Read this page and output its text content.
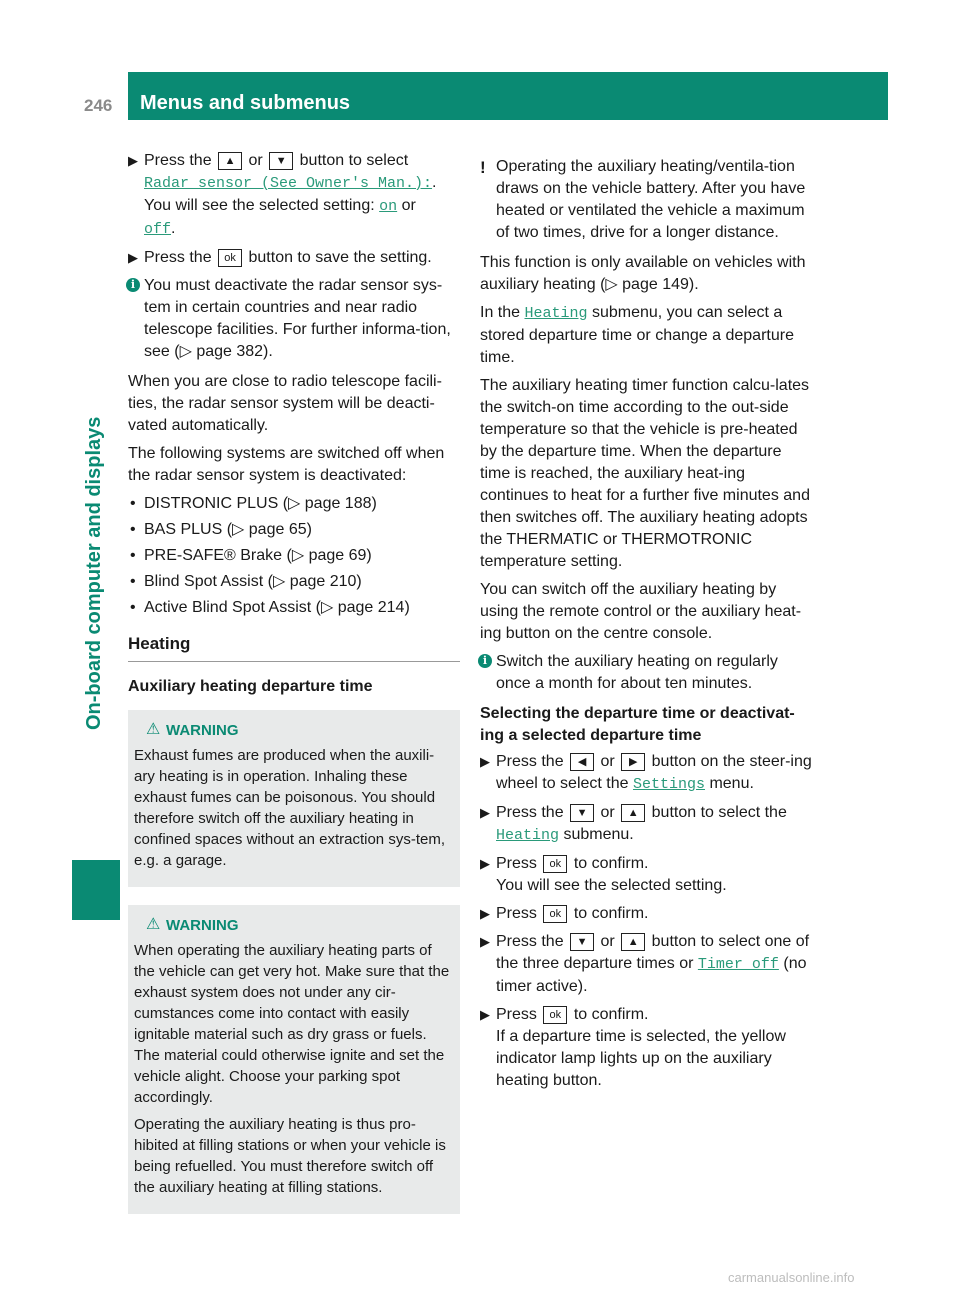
246 Menus and submenus
On-board computer and displays
▶ Press the ▲ or ▼ button to select
Radar sensor (See Owner's Man.):.
You will see the selected setting: on or
off.
▶ Press the ok button to save the setting.
i You must deactivate the radar sensor sys-tem in certain countries and near radio telescope facilities. For further informa-tion, see (▷ page 382).

When you are close to radio telescope facili-ties, the radar sensor system will be deacti-vated automatically.

The following systems are switched off when the radar sensor system is deactivated:

• DISTRONIC PLUS (▷ page 188)
• BAS PLUS (▷ page 65)
• PRE-SAFE® Brake (▷ page 69)
• Blind Spot Assist (▷ page 210)
• Active Blind Spot Assist (▷ page 214)
Heating
Auxiliary heating departure time
⚠ WARNING

Exhaust fumes are produced when the auxili-ary heating is in operation. Inhaling these exhaust fumes can be poisonous. You should therefore switch off the auxiliary heating in confined spaces without an extraction sys-tem, e.g. a garage.

⚠ WARNING

When operating the auxiliary heating parts of the vehicle can get very hot. Make sure that the exhaust system does not under any cir-cumstances come into contact with easily ignitable material such as dry grass or fuels. The material could otherwise ignite and set the vehicle alight. Choose your parking spot accordingly.

Operating the auxiliary heating is thus pro-hibited at filling stations or when your vehicle is being refuelled. You must therefore switch off the auxiliary heating at filling stations.

! Operating the auxiliary heating/ventila-tion draws on the vehicle battery. After you have heated or ventilated the vehicle a maximum of two times, drive for a longer distance.

This function is only available on vehicles with auxiliary heating (▷ page 149).

In the Heating submenu, you can select a stored departure time or change a departure time.

The auxiliary heating timer function calcu-lates the switch-on time according to the out-side temperature so that the vehicle is pre-heated by the departure time. When the departure time is reached, the auxiliary heat-ing continues to heat for a further five minutes and then switches off. The auxiliary heating adopts the THERMATIC or THERMOTRONIC temperature setting.

You can switch off the auxiliary heating by using the remote control or the auxiliary heat-ing button on the centre console.

i Switch the auxiliary heating on regularly once a month for about ten minutes.
Selecting the departure time or deactivat-ing a selected departure time
▶ Press the ◀ or ▶ button on the steer-ing wheel to select the Settings menu.
▶ Press the ▼ or ▲ button to select the Heating submenu.
▶ Press ok to confirm.
You will see the selected setting.
▶ Press ok to confirm.
▶ Press the ▼ or ▲ button to select one of the three departure times or Timer off (no timer active).
▶ Press ok to confirm.
If a departure time is selected, the yellow indicator lamp lights up on the auxiliary heating button.
carmanualsonline.info
